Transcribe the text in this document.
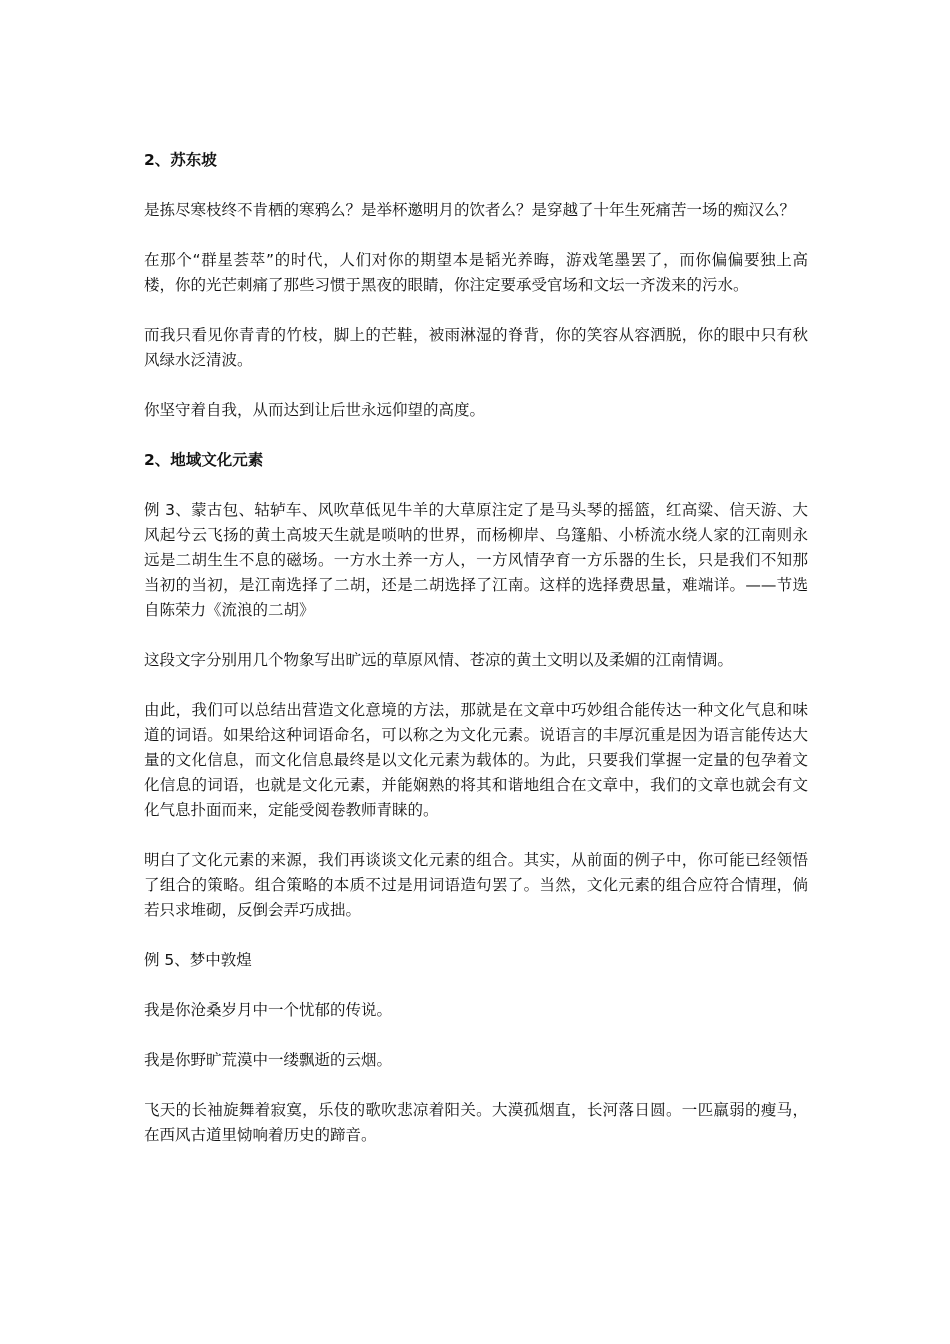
2、苏东坡

是拣尽寒枝终不肯栖的寒鸦么？是举杯邀明月的饮者么？是穿越了十年生死痛苦一场的痴汉么？

在那个“群星荟萃”的时代，人们对你的期望本是韬光养晦，游戏笔墨罢了，而你偏偏要独上高楼，你的光芒刺痛了那些习惯于黑夜的眼睛，你注定要承受官场和文坛一齐泼来的污水。

而我只看见你青青的竹枝，脚上的芒鞋，被雨淋湿的脊背，你的笑容从容洒脱，你的眼中只有秋风绿水泛清波。

你坚守着自我，从而达到让后世永远仰望的高度。

2、地域文化元素

例 3、蒙古包、轱轳车、风吹草低见牛羊的大草原注定了是马头琴的摇篮，红高粱、信天游、大风起兮云飞扬的黄土高坡天生就是唢呐的世界，而杨柳岸、乌篷船、小桥流水绕人家的江南则永远是二胡生生不息的磁场。一方水土养一方人，一方风情孕育一方乐器的生长，只是我们不知那当初的当初，是江南选择了二胡，还是二胡选择了江南。这样的选择费思量，难端详。——节选自陈荣力《流浪的二胡》

这段文字分别用几个物象写出旷远的草原风情、苍凉的黄土文明以及柔媚的江南情调。

由此，我们可以总结出营造文化意境的方法，那就是在文章中巧妙组合能传达一种文化气息和味道的词语。如果给这种词语命名，可以称之为文化元素。说语言的丰厚沉重是因为语言能传达大量的文化信息，而文化信息最终是以文化元素为载体的。为此，只要我们掌握一定量的包孕着文化信息的词语，也就是文化元素，并能娴熟的将其和谐地组合在文章中，我们的文章也就会有文化气息扑面而来，定能受阅卷教师青睐的。

明白了文化元素的来源，我们再谈谈文化元素的组合。其实，从前面的例子中，你可能已经领悟了组合的策略。组合策略的本质不过是用词语造句罢了。当然，文化元素的组合应符合情理，倘若只求堆砌，反倒会弄巧成拙。

例 5、梦中敦煌

我是你沧桑岁月中一个忧郁的传说。

我是你野旷荒漠中一缕飘逝的云烟。

飞天的长袖旋舞着寂寞，乐伎的歌吹悲凉着阳关。大漠孤烟直，长河落日圆。一匹羸弱的瘦马，在西风古道里恸响着历史的蹄音。
